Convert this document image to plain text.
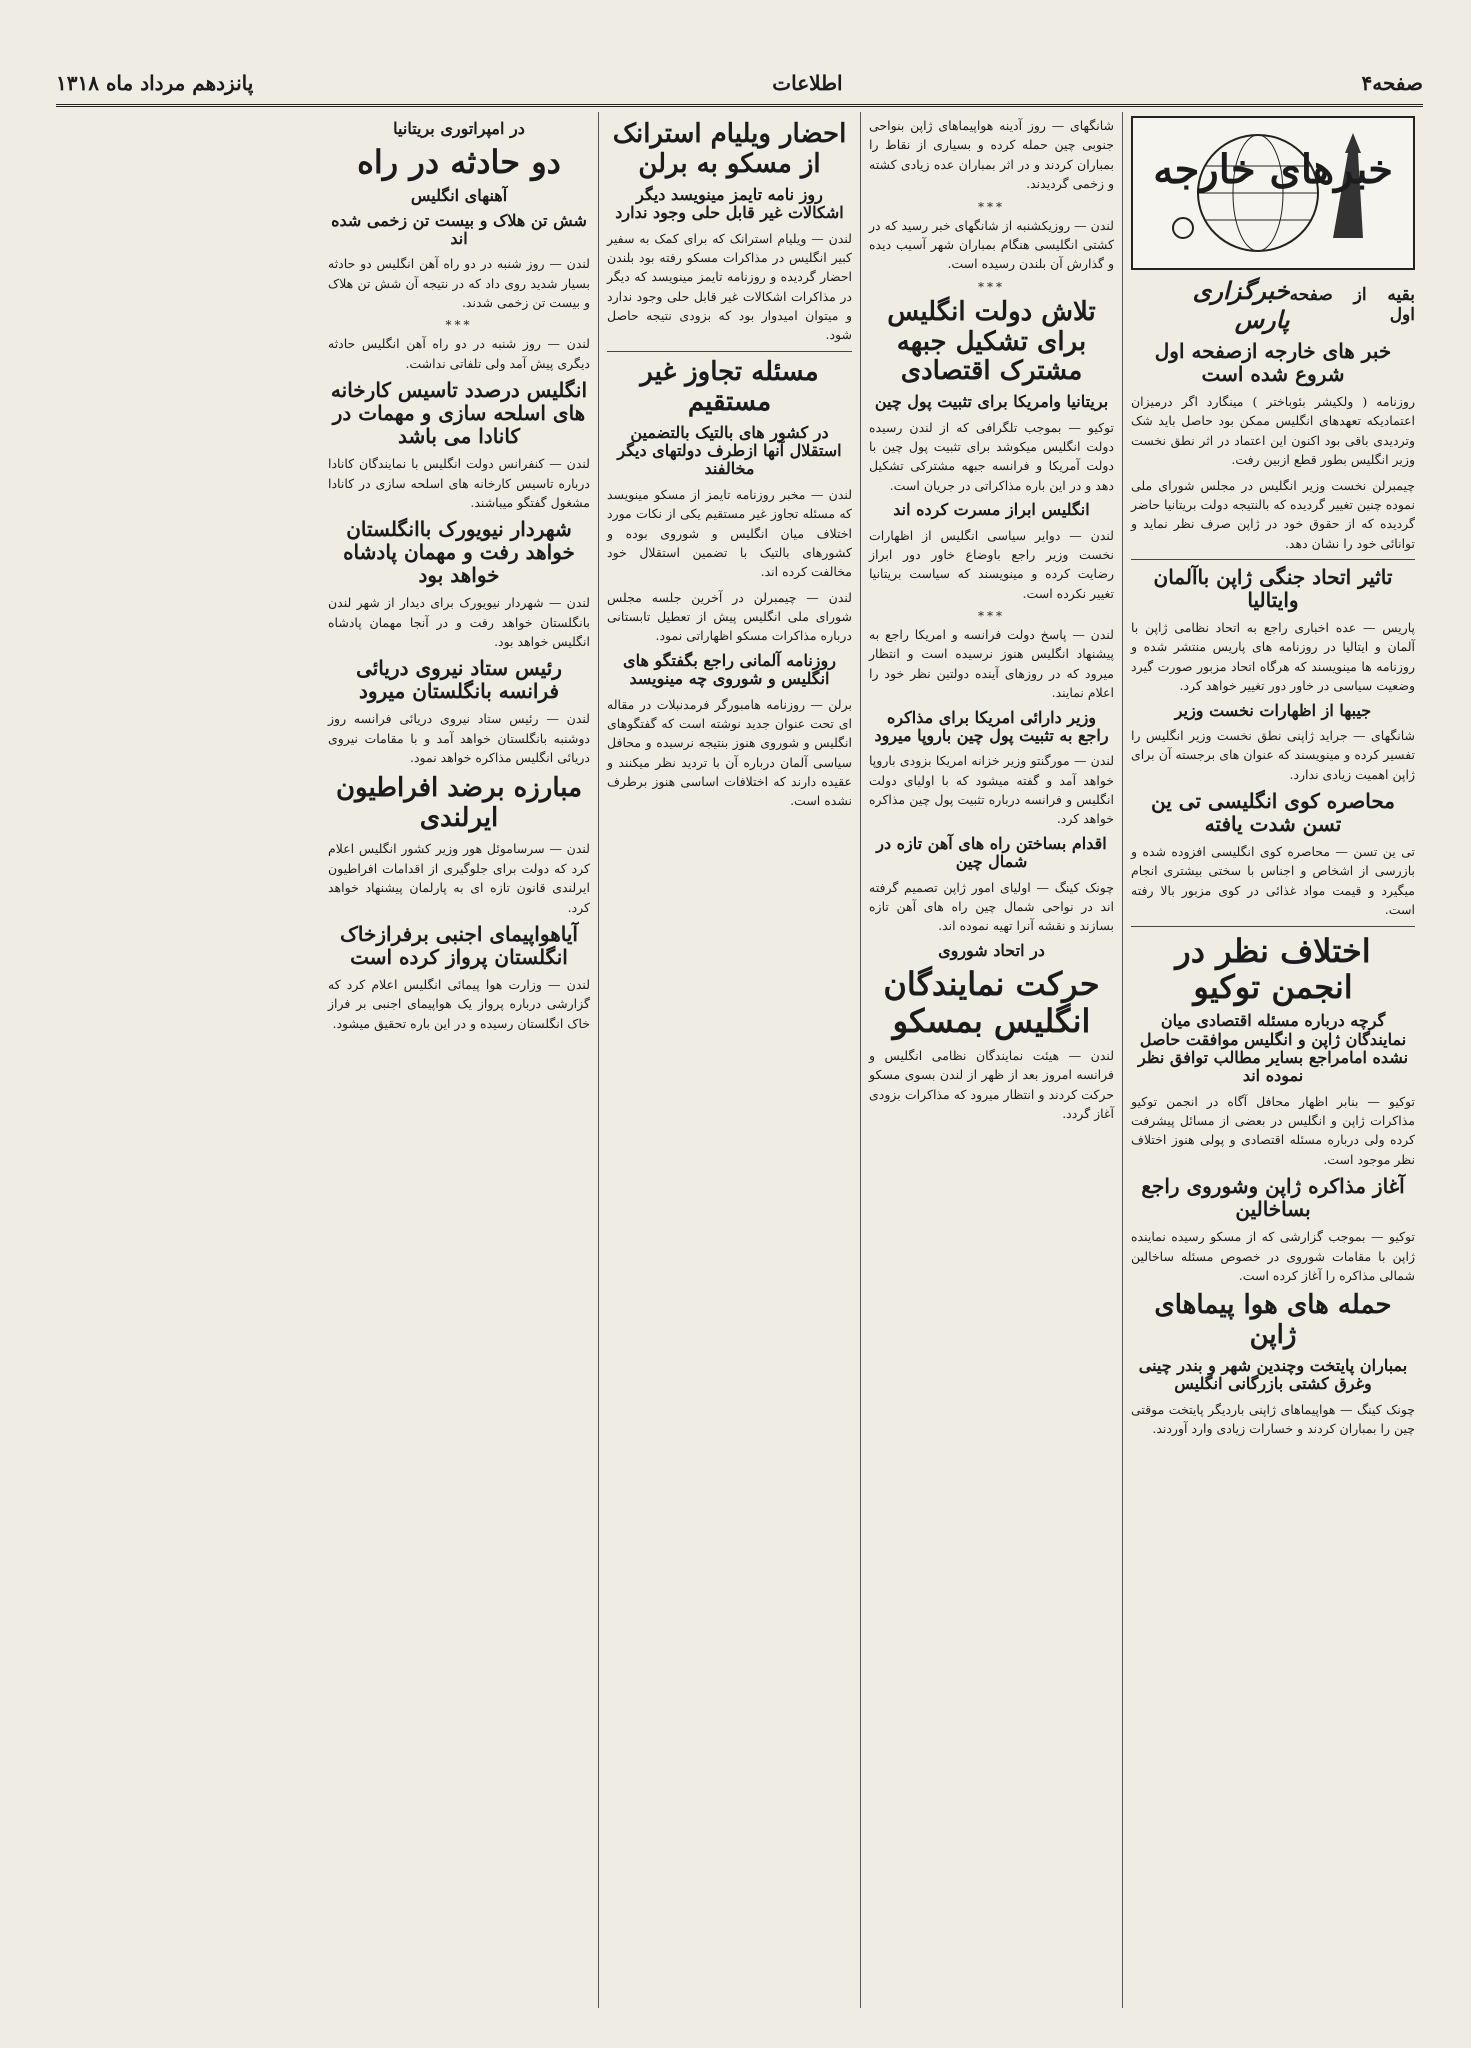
صفحه۴
اطلاعات
پانزدهم مرداد ماه ۱۳۱۸
خبرهای خارجه
بقیه از صفحه اول
خبرگزاری پارس
خبر های خارجه ازصفحه اول شروع شده است

روزنامه ( ولکیشر بئوباختر ) مینگارد اگر درمیزان اعتمادیکه تعهدهای انگلیس ممکن بود حاصل باید شک وتردیدی باقی بود اکنون این اعتماد در اثر نطق نخست وزیر انگلیس بطور قطع ازبین رفت.

چیمبرلن نخست وزیر انگلیس در مجلس شورای ملی نموده چنین تغییر گردیده که بالنتیجه دولت بریتانیا حاضر گردیده که از حقوق خود در ژاپن صرف نظر نماید و توانائی خود را نشان دهد.

تاثیر اتحاد جنگی ژاپن باآلمان وایتالیا

پاریس — عده اخباری راجع به اتحاد نظامی ژاپن با آلمان و ایتالیا در روزنامه های پاریس منتشر شده و روزنامه ها مینویسند که هرگاه اتحاد مزبور صورت گیرد وضعیت سیاسی در خاور دور تغییر خواهد کرد.

جیبها از اظهارات نخست وزیر

شانگهای — جراید ژاپنی نطق نخست وزیر انگلیس را تفسیر کرده و مینویسند که عنوان های برجسته آن برای ژاپن اهمیت زیادی ندارد.

محاصره کوی انگلیسی تی ین تسن شدت یافته

تی ین تسن — محاصره کوی انگلیسی افزوده شده و بازرسی از اشخاص و اجناس با سختی بیشتری انجام میگیرد و قیمت مواد غذائی در کوی مزبور بالا رفته است.

اختلاف نظر در انجمن توکیو
گرچه درباره مسئله اقتصادی میان نمایندگان ژاپن و انگلیس موافقت حاصل نشده امامراجع بسایر مطالب توافق نظر نموده اند

توکیو — بنابر اظهار محافل آگاه در انجمن توکیو مذاکرات ژاپن و انگلیس در بعضی از مسائل پیشرفت کرده ولی درباره مسئله اقتصادی و پولی هنوز اختلاف نظر موجود است.

آغاز مذاکره ژاپن وشوروی راجع بساخالین

توکیو — بموجب گزارشی که از مسکو رسیده نماینده ژاپن با مقامات شوروی در خصوص مسئله ساخالین شمالی مذاکره را آغاز کرده است.

حمله های هوا پیماهای ژاپن
بمباران پایتخت وچندین شهر و بندر چینی وغرق کشتی بازرگانی انگلیس

چونک کینگ — هواپیماهای ژاپنی باردیگر پایتخت موقتی چین را بمباران کردند و خسارات زیادی وارد آوردند.

شانگهای — روز آدینه هواپیماهای ژاپن بنواحی جنوبی چین حمله کرده و بسیاری از نقاط را بمباران کردند و در اثر بمباران عده زیادی کشته و زخمی گردیدند.

***

لندن — روزیکشنبه از شانگهای خبر رسید که در کشتی انگلیسی هنگام بمباران شهر آسیب دیده و گذارش آن بلندن رسیده است.

***
تلاش دولت انگلیس برای تشکیل جبهه مشترک اقتصادی
بریتانیا وامریکا برای تثبیت پول چین

توکیو — بموجب تلگرافی که از لندن رسیده دولت انگلیس میکوشد برای تثبیت پول چین با دولت آمریکا و فرانسه جبهه مشترکی تشکیل دهد و در این باره مذاکراتی در جریان است.

انگلیس ابراز مسرت کرده اند

لندن — دوایر سیاسی انگلیس از اظهارات نخست وزیر راجع باوضاع خاور دور ابراز رضایت کرده و مینویسند که سیاست بریتانیا تغییر نکرده است.

***

لندن — پاسخ دولت فرانسه و امریکا راجع به پیشنهاد انگلیس هنوز نرسیده است و انتظار میرود که در روزهای آینده دولتین نظر خود را اعلام نمایند.

وزیر دارائی امریکا برای مذاکره راجع به تثبیت پول چین باروپا میرود

لندن — مورگنتو وزیر خزانه امریکا بزودی باروپا خواهد آمد و گفته میشود که با اولیای دولت انگلیس و فرانسه درباره تثبیت پول چین مذاکره خواهد کرد.

اقدام بساختن راه های آهن تازه در شمال چین

چونک کینگ — اولیای امور ژاپن تصمیم گرفته اند در نواحی شمال چین راه های آهن تازه بسازند و نقشه آنرا تهیه نموده اند.

در اتحاد شوروی
حرکت نمایندگان انگلیس بمسکو

لندن — هیئت نمایندگان نظامی انگلیس و فرانسه امروز بعد از ظهر از لندن بسوی مسکو حرکت کردند و انتظار میرود که مذاکرات بزودی آغاز گردد.

احضار ویلیام استرانک از مسکو به برلن
روز نامه تایمز مینویسد دیگر اشکالات غیر قابل حلی وجود ندارد

لندن — ویلیام استرانک که برای کمک به سفیر کبیر انگلیس در مذاکرات مسکو رفته بود بلندن احضار گردیده و روزنامه تایمز مینویسد که دیگر در مذاکرات اشکالات غیر قابل حلی وجود ندارد و میتوان امیدوار بود که بزودی نتیجه حاصل شود.

مسئله تجاوز غیر مستقیم
در کشور های بالتیک بالتضمین استقلال آنها ازطرف دولتهای دیگر مخالفند

لندن — مخبر روزنامه تایمز از مسکو مینویسد که مسئله تجاوز غیر مستقیم یکی از نکات مورد اختلاف میان انگلیس و شوروی بوده و کشورهای بالتیک با تضمین استقلال خود مخالفت کرده اند.

لندن — چیمبرلن در آخرین جلسه مجلس شورای ملی انگلیس پیش از تعطیل تابستانی درباره مذاکرات مسکو اظهاراتی نمود.

روزنامه آلمانی راجع بگفتگو های انگلیس و شوروی چه مینویسد

برلن — روزنامه هامبورگر فرمدنبلات در مقاله ای تحت عنوان جدید نوشته است که گفتگوهای انگلیس و شوروی هنوز بنتیجه نرسیده و محافل سیاسی آلمان درباره آن با تردید نظر میکنند و عقیده دارند که اختلافات اساسی هنوز برطرف نشده است.

در امپراتوری بریتانیا
دو حادثه در راه
آهنهای انگلیس
شش تن هلاک و بیست تن زخمی شده اند

لندن — روز شنبه در دو راه آهن انگلیس دو حادثه بسیار شدید روی داد که در نتیجه آن شش تن هلاک و بیست تن زخمی شدند.

***

لندن — روز شنبه در دو راه آهن انگلیس حادثه دیگری پیش آمد ولی تلفاتی نداشت.

انگلیس درصدد تاسیس کارخانه های اسلحه سازی و مهمات در کانادا می باشد

لندن — کنفرانس دولت انگلیس با نمایندگان کانادا درباره تاسیس کارخانه های اسلحه سازی در کانادا مشغول گفتگو میباشند.

شهردار نیویورک باانگلستان خواهد رفت و مهمان پادشاه خواهد بود

لندن — شهردار نیویورک برای دیدار از شهر لندن بانگلستان خواهد رفت و در آنجا مهمان پادشاه انگلیس خواهد بود.

رئیس ستاد نیروی دریائی فرانسه بانگلستان میرود

لندن — رئیس ستاد نیروی دریائی فرانسه روز دوشنبه بانگلستان خواهد آمد و با مقامات نیروی دریائی انگلیس مذاکره خواهد نمود.

مبارزه برضد افراطیون ایرلندی

لندن — سرساموئل هور وزیر کشور انگلیس اعلام کرد که دولت برای جلوگیری از اقدامات افراطیون ایرلندی قانون تازه ای به پارلمان پیشنهاد خواهد کرد.

آیاهواپیمای اجنبی برفرازخاک انگلستان پرواز کرده است

لندن — وزارت هوا پیمائی انگلیس اعلام کرد که گزارشی درباره پرواز یک هواپیمای اجنبی بر فراز خاک انگلستان رسیده و در این باره تحقیق میشود.
